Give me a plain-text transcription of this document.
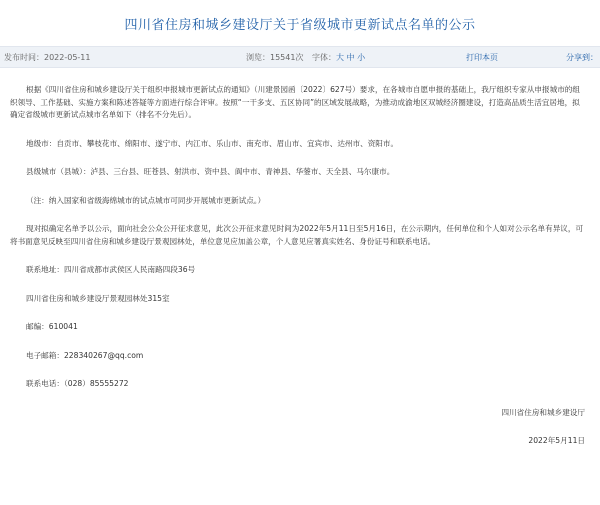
四川省住房和城乡建设厅关于省级城市更新试点名单的公示
发布时间：2022-05-11	浏览：15541次 字体：大 中 小	打印本页	分享到：

根据《四川省住房和城乡建设厅关于组织申报城市更新试点的通知》（川建景园函〔2022〕627号）要求，在各城市自愿申报的基础上，我厅组织专家从申报城市的组织领导、工作基础、实施方案和陈述答疑等方面进行综合评审。按照“一干多支、五区协同”的区域发展战略，为推动成渝地区双城经济圈建设，打造高品质生活宜居地，拟确定省级城市更新试点城市名单如下（排名不分先后）。

地级市：自贡市、攀枝花市、绵阳市、遂宁市、内江市、乐山市、南充市、眉山市、宜宾市、达州市、资阳市。

县级城市（县城）：泸县、三台县、旺苍县、射洪市、资中县、阆中市、青神县、华蓥市、天全县、马尔康市。

（注：纳入国家和省级海绵城市的试点城市可同步开展城市更新试点。）

现对拟确定名单予以公示，面向社会公众公开征求意见，此次公开征求意见时间为2022年5月11日至5月16日，在公示期内，任何单位和个人如对公示名单有异议，可将书面意见反映至四川省住房和城乡建设厅景观园林处，单位意见应加盖公章，个人意见应署真实姓名、身份证号和联系电话。

联系地址：四川省成都市武侯区人民南路四段36号

四川省住房和城乡建设厅景观园林处315室

邮编：610041

电子邮箱：228340267@qq.com

联系电话：（028）85555272

四川省住房和城乡建设厅

2022年5月11日
